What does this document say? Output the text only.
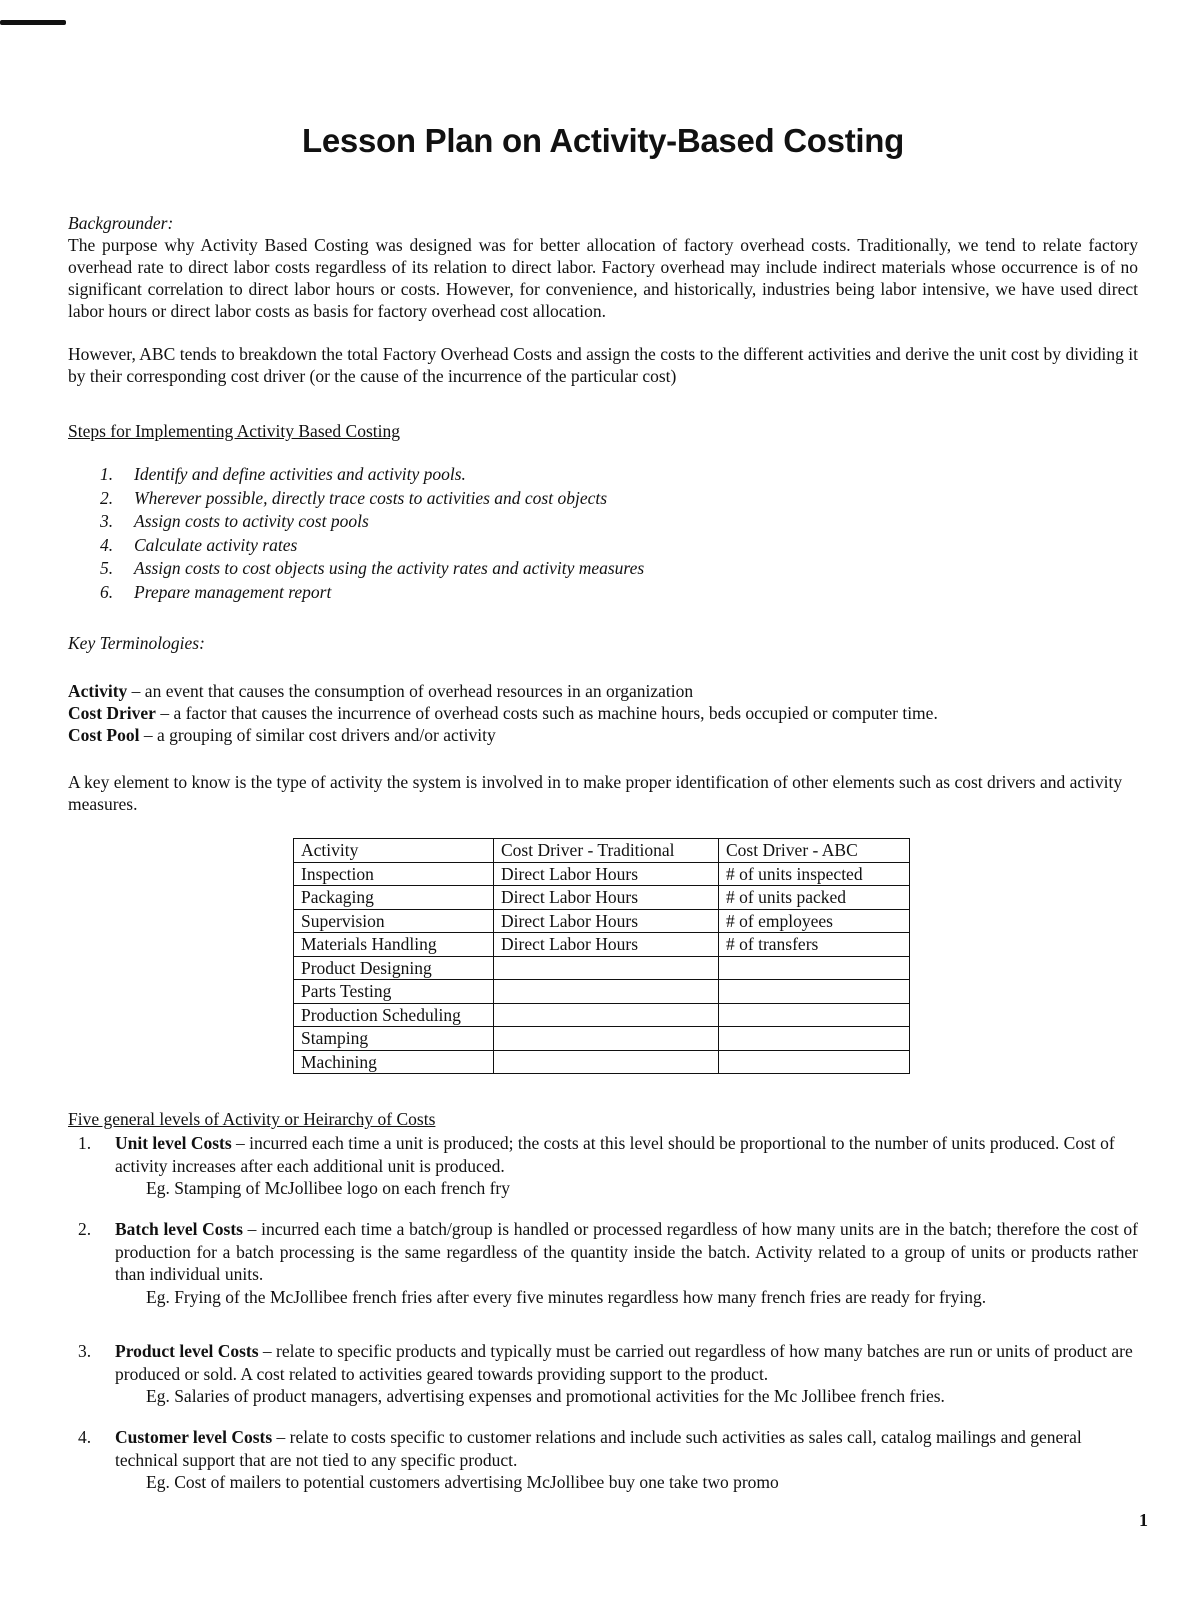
Lesson Plan on Activity-Based Costing

Backgrounder:

The purpose why Activity Based Costing was designed was for better allocation of factory overhead costs. Traditionally, we tend to relate factory overhead rate to direct labor costs regardless of its relation to direct labor. Factory overhead may include indirect materials whose occurrence is of no significant correlation to direct labor hours or costs. However, for convenience, and historically, industries being labor intensive, we have used direct labor hours or direct labor costs as basis for factory overhead cost allocation.

However, ABC tends to breakdown the total Factory Overhead Costs and assign the costs to the different activities and derive the unit cost by dividing it by their corresponding cost driver (or the cause of the incurrence of the particular cost)

Steps for Implementing Activity Based Costing

1. Identify and define activities and activity pools.
2. Wherever possible, directly trace costs to activities and cost objects
3. Assign costs to activity cost pools
4. Calculate activity rates
5. Assign costs to cost objects using the activity rates and activity measures
6. Prepare management report

Key Terminologies:

Activity – an event that causes the consumption of overhead resources in an organization

Cost Driver – a factor that causes the incurrence of overhead costs such as machine hours, beds occupied or computer time.

Cost Pool – a grouping of similar cost drivers and/or activity

A key element to know is the type of activity the system is involved in to make proper identification of other elements such as cost drivers and activity measures.

Activity	Cost Driver - Traditional	Cost Driver - ABC
Inspection	Direct Labor Hours	# of units inspected
Packaging	Direct Labor Hours	# of units packed
Supervision	Direct Labor Hours	# of employees
Materials Handling	Direct Labor Hours	# of transfers
Product Designing		
Parts Testing		
Production Scheduling		
Stamping		
Machining		

Five general levels of Activity or Heirarchy of Costs

1. Unit level Costs – incurred each time a unit is produced; the costs at this level should be proportional to the number of units produced. Cost of activity increases after each additional unit is produced.
Eg. Stamping of McJollibee logo on each french fry
2. Batch level Costs – incurred each time a batch/group is handled or processed regardless of how many units are in the batch; therefore the cost of production for a batch processing is the same regardless of the quantity inside the batch. Activity related to a group of units or products rather than individual units.
Eg. Frying of the McJollibee french fries after every five minutes regardless how many french fries are ready for frying.
3. Product level Costs – relate to specific products and typically must be carried out regardless of how many batches are run or units of product are produced or sold. A cost related to activities geared towards providing support to the product.
Eg. Salaries of product managers, advertising expenses and promotional activities for the Mc Jollibee french fries.
4. Customer level Costs – relate to costs specific to customer relations and include such activities as sales call, catalog mailings and general technical support that are not tied to any specific product.
Eg. Cost of mailers to potential customers advertising McJollibee buy one take two promo
1
